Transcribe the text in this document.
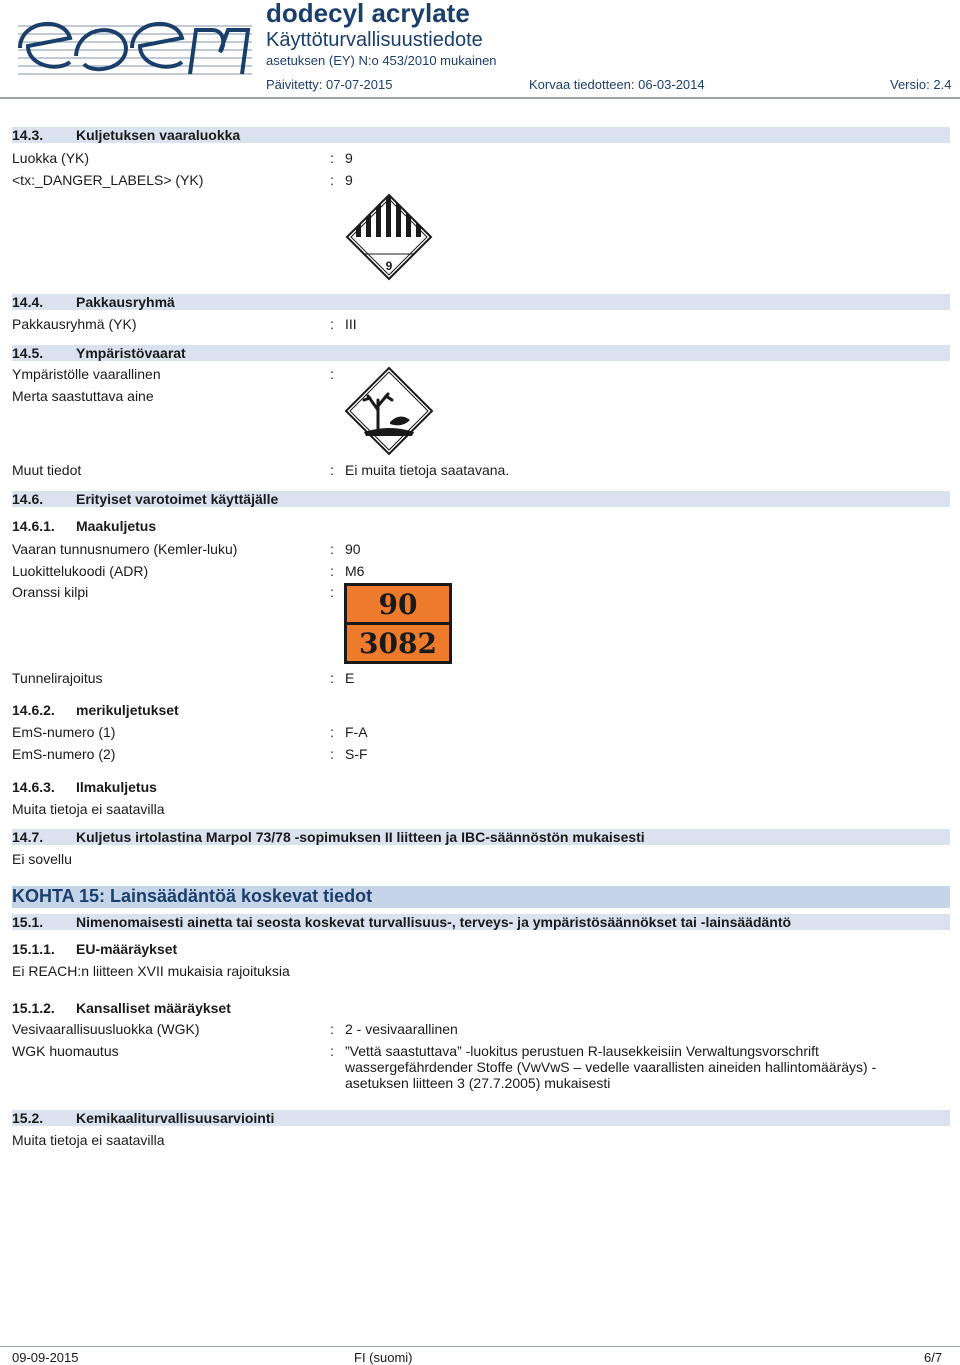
dodecyl acrylate
Käyttöturvallisuustiedote
asetuksen (EY) N:o 453/2010 mukainen
Päivitetty: 07-07-2015	Korvaa tiedotteen: 06-03-2014	Versio: 2.4
14.3. Kuljetuksen vaaraluokka
Luokka (YK)	: 9
<tx:_DANGER_LABELS> (YK)	: 9
9
14.4. Pakkausryhmä
Pakkausryhmä (YK)	: III
14.5. Ympäristövaarat
Ympäristölle vaarallinen	:
Merta saastuttava aine
Muut tiedot	: Ei muita tietoja saatavana.
14.6. Erityiset varotoimet käyttäjälle
14.6.1. Maakuljetus
Vaaran tunnusnumero (Kemler-luku)	: 90
Luokittelukoodi (ADR)	: M6
Oranssi kilpi	:	90
3082
Tunnelirajoitus	: E
14.6.2. merikuljetukset
EmS-numero (1)	: F-A
EmS-numero (2)	: S-F
14.6.3. Ilmakuljetus
Muita tietoja ei saatavilla
14.7. Kuljetus irtolastina Marpol 73/78 -sopimuksen II liitteen ja IBC-säännöstön mukaisesti
Ei sovellu
KOHTA 15: Lainsäädäntöä koskevat tiedot
15.1. Nimenomaisesti ainetta tai seosta koskevat turvallisuus-, terveys- ja ympäristösäännökset tai -lainsäädäntö
15.1.1. EU-määräykset
Ei REACH:n liitteen XVII mukaisia rajoituksia
15.1.2. Kansalliset määräykset
Vesivaarallisuusluokka (WGK)	: 2 - vesivaarallinen
WGK huomautus	: ”Vettä saastuttava” -luokitus perustuen R-lausekkeisiin Verwaltungsvorschrift wassergefährdender Stoffe (VwVwS – vedelle vaarallisten aineiden hallintomääräys) - asetuksen liitteen 3 (27.7.2005) mukaisesti
15.2. Kemikaaliturvallisuusarviointi
Muita tietoja ei saatavilla
09-09-2015	FI (suomi)	6/7
